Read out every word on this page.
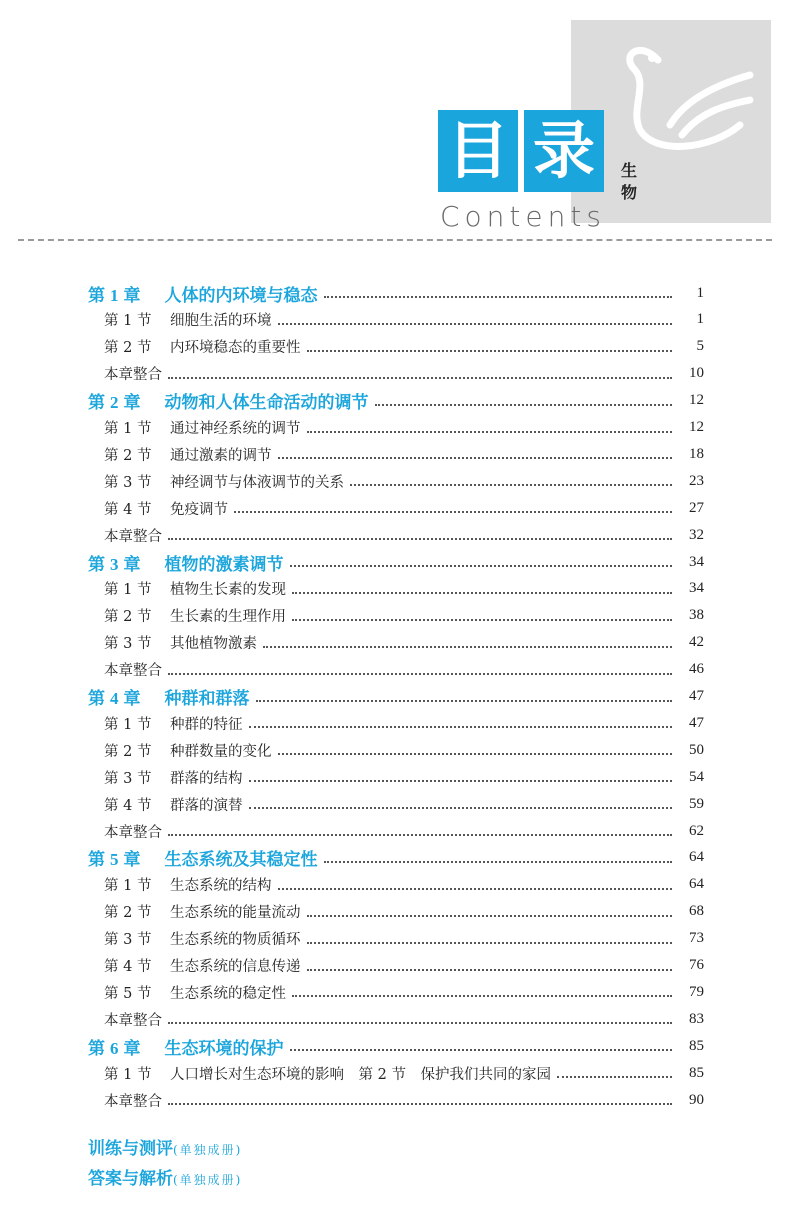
目 录	生物
Contents
第 1 章 人体的内环境与稳态	1
第 1 节 细胞生活的环境	1
第 2 节 内环境稳态的重要性	5
本章整合	10
第 2 章 动物和人体生命活动的调节	12
第 1 节 通过神经系统的调节	12
第 2 节 通过激素的调节	18
第 3 节 神经调节与体液调节的关系	23
第 4 节 免疫调节	27
本章整合	32
第 3 章 植物的激素调节	34
第 1 节 植物生长素的发现	34
第 2 节 生长素的生理作用	38
第 3 节 其他植物激素	42
本章整合	46
第 4 章 种群和群落	47
第 1 节 种群的特征	47
第 2 节 种群数量的变化	50
第 3 节 群落的结构	54
第 4 节 群落的演替	59
本章整合	62
第 5 章 生态系统及其稳定性	64
第 1 节 生态系统的结构	64
第 2 节 生态系统的能量流动	68
第 3 节 生态系统的物质循环	73
第 4 节 生态系统的信息传递	76
第 5 节 生态系统的稳定性	79
本章整合	83
第 6 章 生态环境的保护	85
第 1 节 人口增长对生态环境的影响　第 2 节　保护我们共同的家园	85
本章整合	90
训练与测评(单独成册)
答案与解析(单独成册)
